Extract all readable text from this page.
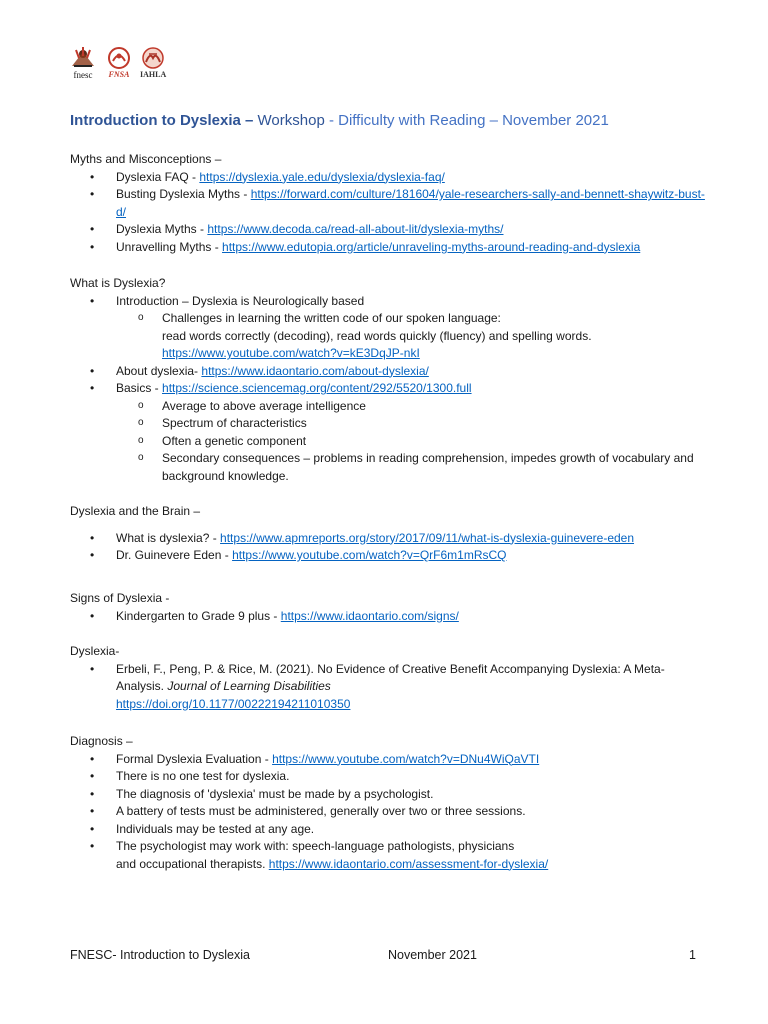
fnesc FNSA IAHLA
Introduction to Dyslexia – Workshop - Difficulty with Reading – November 2021
Myths and Misconceptions –
• Dyslexia FAQ - https://dyslexia.yale.edu/dyslexia/dyslexia-faq/
• Busting Dyslexia Myths - https://forward.com/culture/181604/yale-researchers-sally-and-bennett-shaywitz-bust-d/
• Dyslexia Myths - https://www.decoda.ca/read-all-about-lit/dyslexia-myths/
• Unravelling Myths - https://www.edutopia.org/article/unraveling-myths-around-reading-and-dyslexia
What is Dyslexia?
• Introduction – Dyslexia is Neurologically based
o Challenges in learning the written code of our spoken language:
read words correctly (decoding), read words quickly (fluency) and spelling words.
https://www.youtube.com/watch?v=kE3DqJP-nkI
• About dyslexia- https://www.idaontario.com/about-dyslexia/
• Basics - https://science.sciencemag.org/content/292/5520/1300.full
o Average to above average intelligence
o Spectrum of characteristics
o Often a genetic component
o Secondary consequences – problems in reading comprehension, impedes growth of vocabulary and background knowledge.
Dyslexia and the Brain –
• What is dyslexia? - https://www.apmreports.org/story/2017/09/11/what-is-dyslexia-guinevere-eden
• Dr. Guinevere Eden - https://www.youtube.com/watch?v=QrF6m1mRsCQ
Signs of Dyslexia -
• Kindergarten to Grade 9 plus - https://www.idaontario.com/signs/
Dyslexia-
• Erbeli, F., Peng, P. & Rice, M. (2021). No Evidence of Creative Benefit Accompanying Dyslexia: A Meta-Analysis. Journal of Learning Disabilities
https://doi.org/10.1177/00222194211010350
Diagnosis –
• Formal Dyslexia Evaluation - https://www.youtube.com/watch?v=DNu4WiQaVTI
• There is no one test for dyslexia.
• The diagnosis of 'dyslexia' must be made by a psychologist.
• A battery of tests must be administered, generally over two or three sessions.
• Individuals may be tested at any age.
• The psychologist may work with: speech-language pathologists, physicians
and occupational therapists. https://www.idaontario.com/assessment-for-dyslexia/
FNESC- Introduction to Dyslexia	November 2021	1
